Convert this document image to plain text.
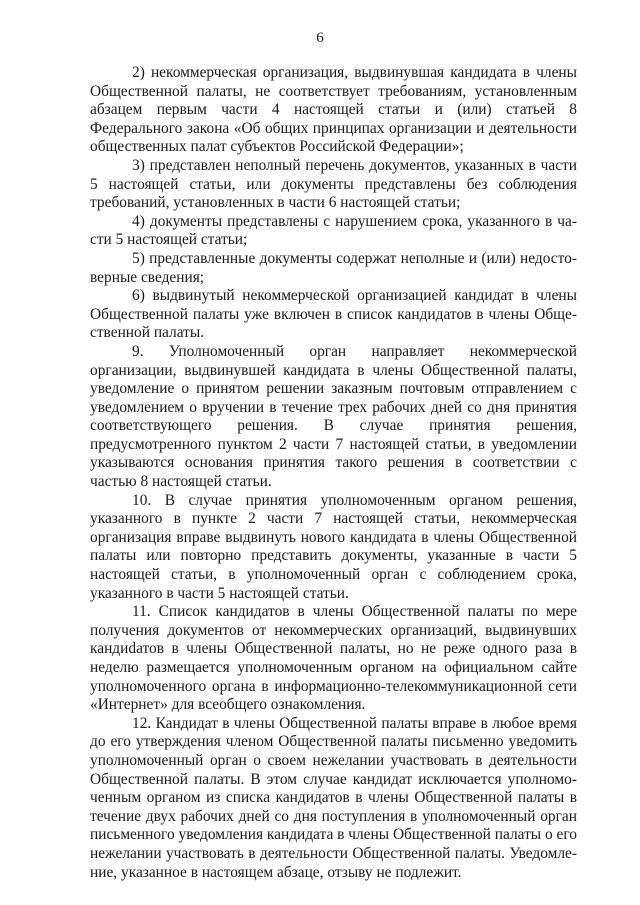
6

2) некоммерческая организация, выдвинувшая кандидата в члены Общественной палаты, не соответствует требованиям, установленным абзацем первым части 4 настоящей статьи и (или) статьей 8 Федерального закона «Об общих принципах организации и деятельности общественных палат субъектов Российской Федерации»;

3) представлен неполный перечень документов, указанных в части 5 настоящей статьи, или документы представлены без соблюдения требований, установленных в части 6 настоящей статьи;

4) документы представлены с нарушением срока, указанного в части 5 настоящей статьи;

5) представленные документы содержат неполные и (или) недостоверные сведения;

6) выдвинутый некоммерческой организацией кандидат в члены Общественной палаты уже включен в список кандидатов в члены Общественной палаты.

9. Уполномоченный орган направляет некоммерческой организации, выдвинувшей кандидата в члены Общественной палаты, уведомление о принятом решении заказным почтовым отправлением с уведомлением о вручении в течение трех рабочих дней со дня принятия соответствующего решения. В случае принятия решения, предусмотренного пунктом 2 части 7 настоящей статьи, в уведомлении указываются основания принятия такого решения в соответствии с частью 8 настоящей статьи.

10. В случае принятия уполномоченным органом решения, указанного в пункте 2 части 7 настоящей статьи, некоммерческая организация вправе выдвинуть нового кандидата в члены Общественной палаты или повторно представить документы, указанные в части 5 настоящей статьи, в уполномоченный орган с соблюдением срока, указанного в части 5 настоящей статьи.

11. Список кандидатов в члены Общественной палаты по мере получения документов от некоммерческих организаций, выдвинувших кандиdатов в члены Общественной палаты, но не реже одного раза в неделю размещается уполномоченным органом на официальном сайте уполномоченного органа в информационно-телекоммуникационной сети «Интернет» для всеобщего ознакомления.

12. Кандидат в члены Общественной палаты вправе в любое время до его утверждения членом Общественной палаты письменно уведомить уполномоченный орган о своем нежелании участвовать в деятельности Общественной палаты. В этом случае кандидат исключается уполномоченным органом из списка кандидатов в члены Общественной палаты в течение двух рабочих дней со дня поступления в уполномоченный орган письменного уведомления кандидата в члены Общественной палаты о его нежелании участвовать в деятельности Общественной палаты. Уведомление, указанное в настоящем абзаце, отзыву не подлежит.
